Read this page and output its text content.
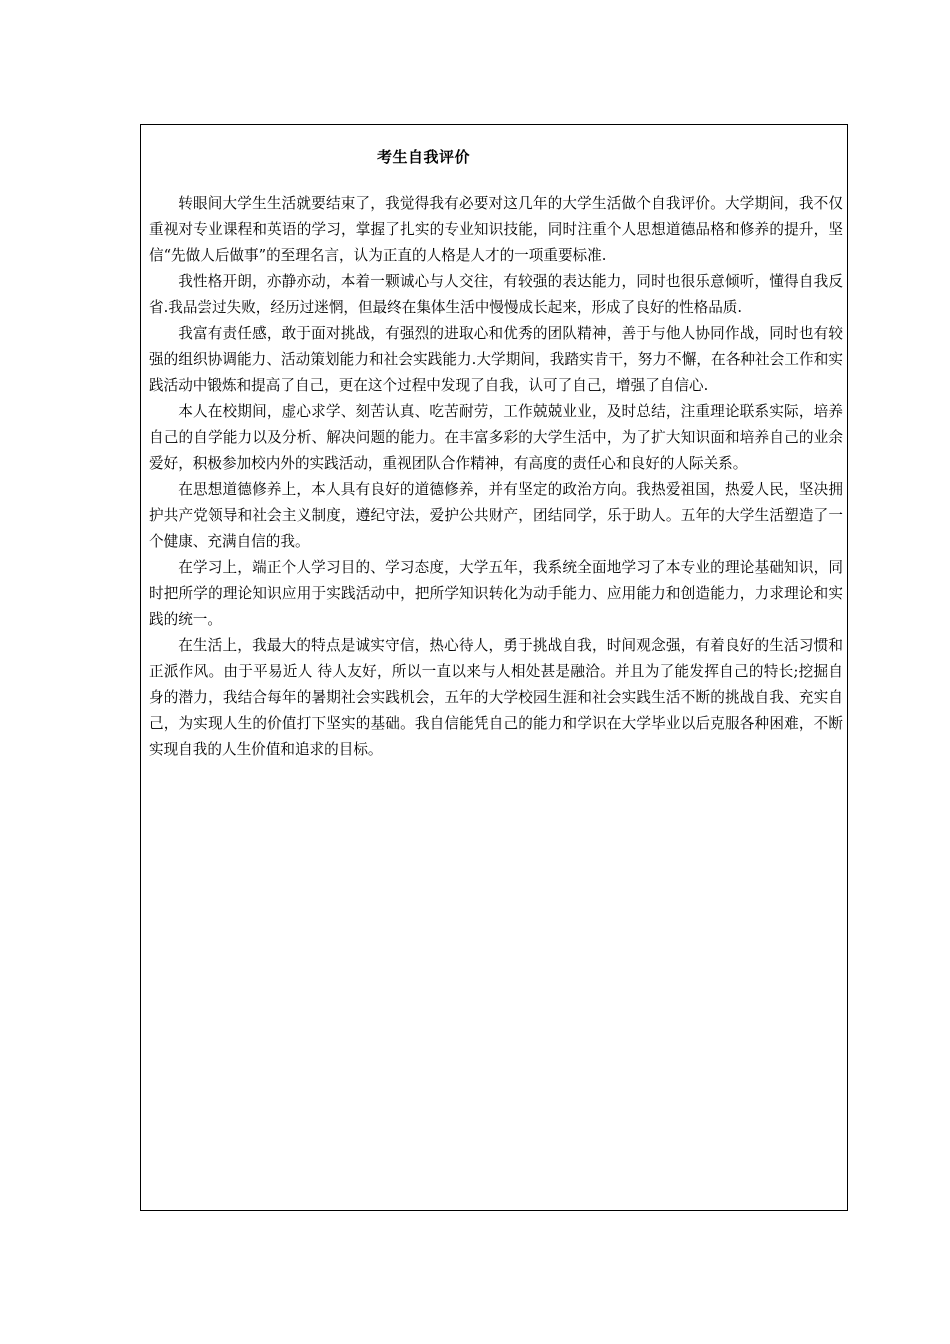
考生自我评价

转眼间大学生生活就要结束了，我觉得我有必要对这几年的大学生活做个自我评价。大学期间，我不仅重视对专业课程和英语的学习，掌握了扎实的专业知识技能，同时注重个人思想道德品格和修养的提升，坚信“先做人后做事”的至理名言，认为正直的人格是人才的一项重要标准.

我性格开朗，亦静亦动，本着一颗诚心与人交往，有较强的表达能力，同时也很乐意倾听，懂得自我反省.我品尝过失败，经历过迷惘，但最终在集体生活中慢慢成长起来，形成了良好的性格品质.

我富有责任感，敢于面对挑战，有强烈的进取心和优秀的团队精神，善于与他人协同作战，同时也有较强的组织协调能力、活动策划能力和社会实践能力.大学期间，我踏实肯干，努力不懈，在各种社会工作和实践活动中锻炼和提高了自己，更在这个过程中发现了自我，认可了自己，增强了自信心.

本人在校期间，虚心求学、刻苦认真、吃苦耐劳，工作兢兢业业，及时总结，注重理论联系实际，培养自己的自学能力以及分析、解决问题的能力。在丰富多彩的大学生活中，为了扩大知识面和培养自己的业余爱好，积极参加校内外的实践活动，重视团队合作精神，有高度的责任心和良好的人际关系。

在思想道德修养上，本人具有良好的道德修养，并有坚定的政治方向。我热爱祖国，热爱人民，坚决拥护共产党领导和社会主义制度，遵纪守法，爱护公共财产，团结同学，乐于助人。五年的大学生活塑造了一个健康、充满自信的我。

在学习上，端正个人学习目的、学习态度，大学五年，我系统全面地学习了本专业的理论基础知识，同时把所学的理论知识应用于实践活动中，把所学知识转化为动手能力、应用能力和创造能力，力求理论和实践的统一。

在生活上，我最大的特点是诚实守信，热心待人，勇于挑战自我，时间观念强，有着良好的生活习惯和正派作风。由于平易近人 待人友好，所以一直以来与人相处甚是融洽。并且为了能发挥自己的特长;挖掘自身的潜力，我结合每年的暑期社会实践机会，五年的大学校园生涯和社会实践生活不断的挑战自我、充实自己，为实现人生的价值打下坚实的基础。我自信能凭自己的能力和学识在大学毕业以后克服各种困难，不断实现自我的人生价值和追求的目标。
